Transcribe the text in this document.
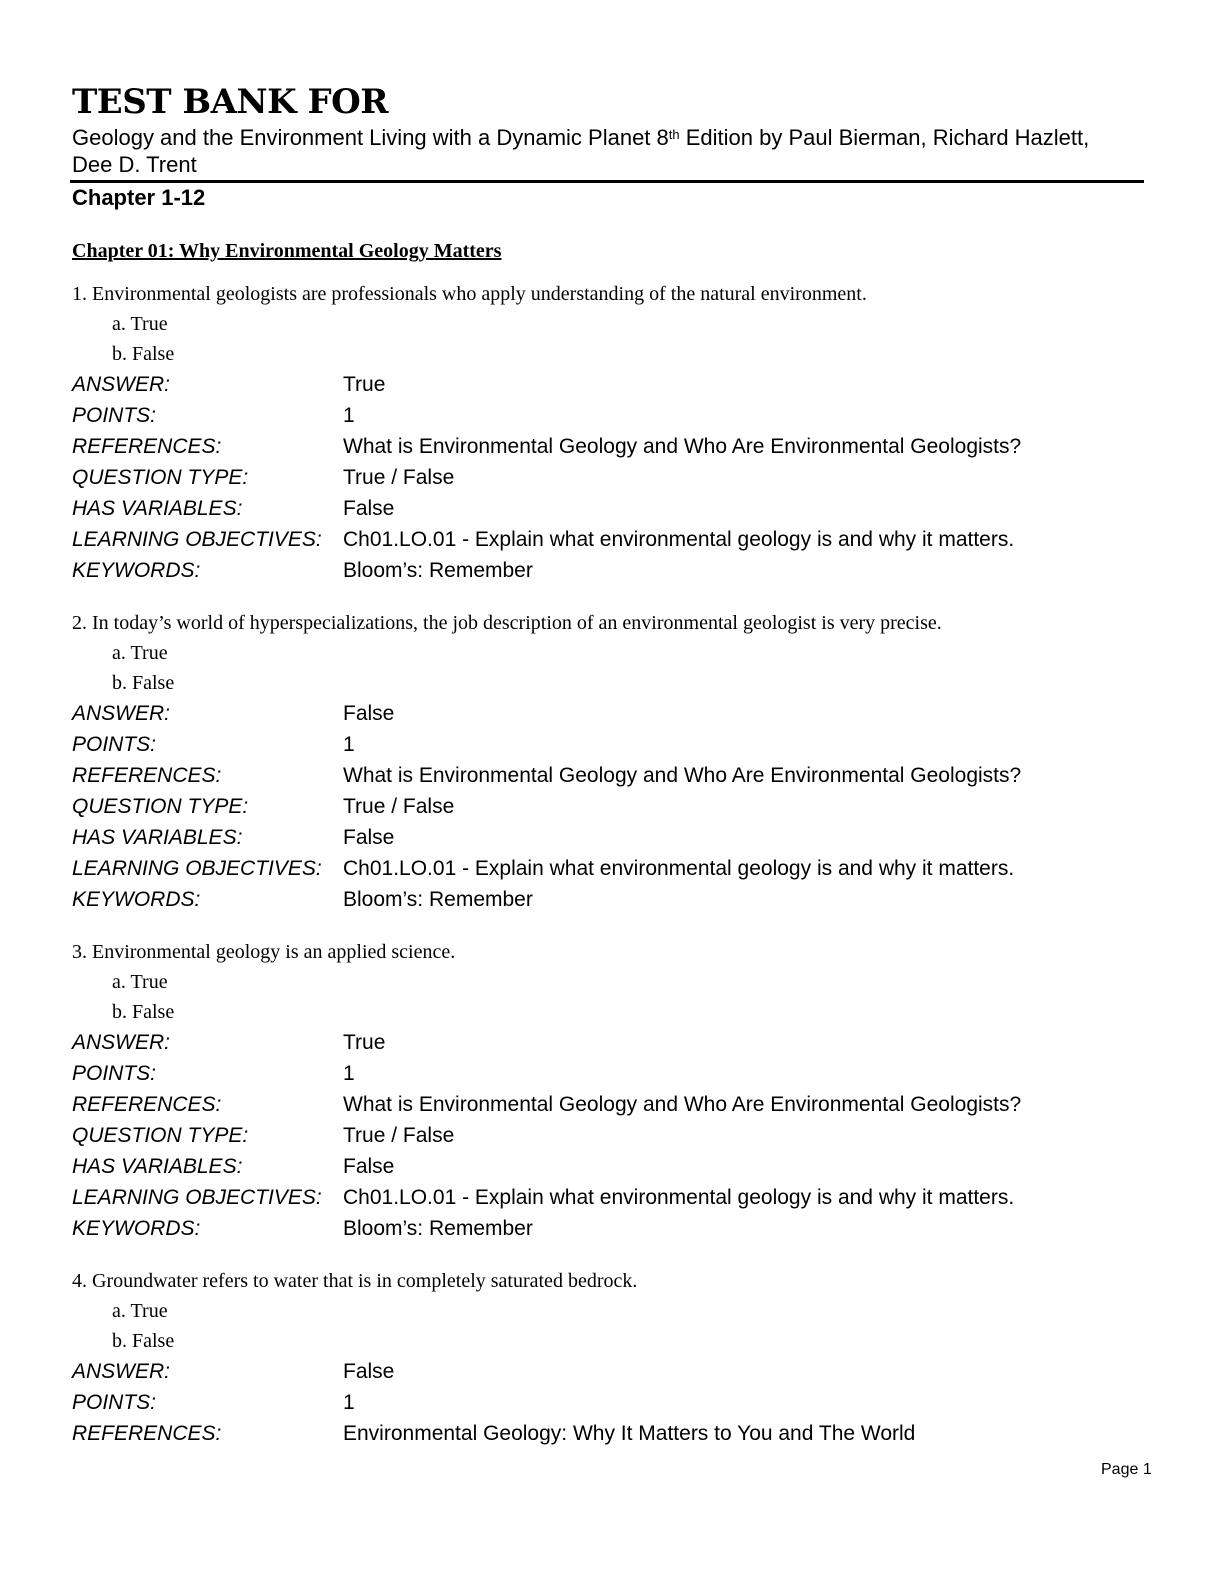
TEST BANK FOR
Geology and the Environment Living with a Dynamic Planet 8th Edition by Paul Bierman, Richard Hazlett, Dee D. Trent
Chapter 1-12
Chapter 01: Why Environmental Geology Matters
1. Environmental geologists are professionals who apply understanding of the natural environment.
a. True
b. False
ANSWER:	True
POINTS:	1
REFERENCES:	What is Environmental Geology and Who Are Environmental Geologists?
QUESTION TYPE:	True / False
HAS VARIABLES:	False
LEARNING OBJECTIVES:	Ch01.LO.01 - Explain what environmental geology is and why it matters.
KEYWORDS:	Bloom’s: Remember
2. In today’s world of hyperspecializations, the job description of an environmental geologist is very precise.
a. True
b. False
ANSWER:	False
POINTS:	1
REFERENCES:	What is Environmental Geology and Who Are Environmental Geologists?
QUESTION TYPE:	True / False
HAS VARIABLES:	False
LEARNING OBJECTIVES:	Ch01.LO.01 - Explain what environmental geology is and why it matters.
KEYWORDS:	Bloom’s: Remember
3. Environmental geology is an applied science.
a. True
b. False
ANSWER:	True
POINTS:	1
REFERENCES:	What is Environmental Geology and Who Are Environmental Geologists?
QUESTION TYPE:	True / False
HAS VARIABLES:	False
LEARNING OBJECTIVES:	Ch01.LO.01 - Explain what environmental geology is and why it matters.
KEYWORDS:	Bloom’s: Remember
4. Groundwater refers to water that is in completely saturated bedrock.
a. True
b. False
ANSWER:	False
POINTS:	1
REFERENCES:	Environmental Geology: Why It Matters to You and The World
Page 1
